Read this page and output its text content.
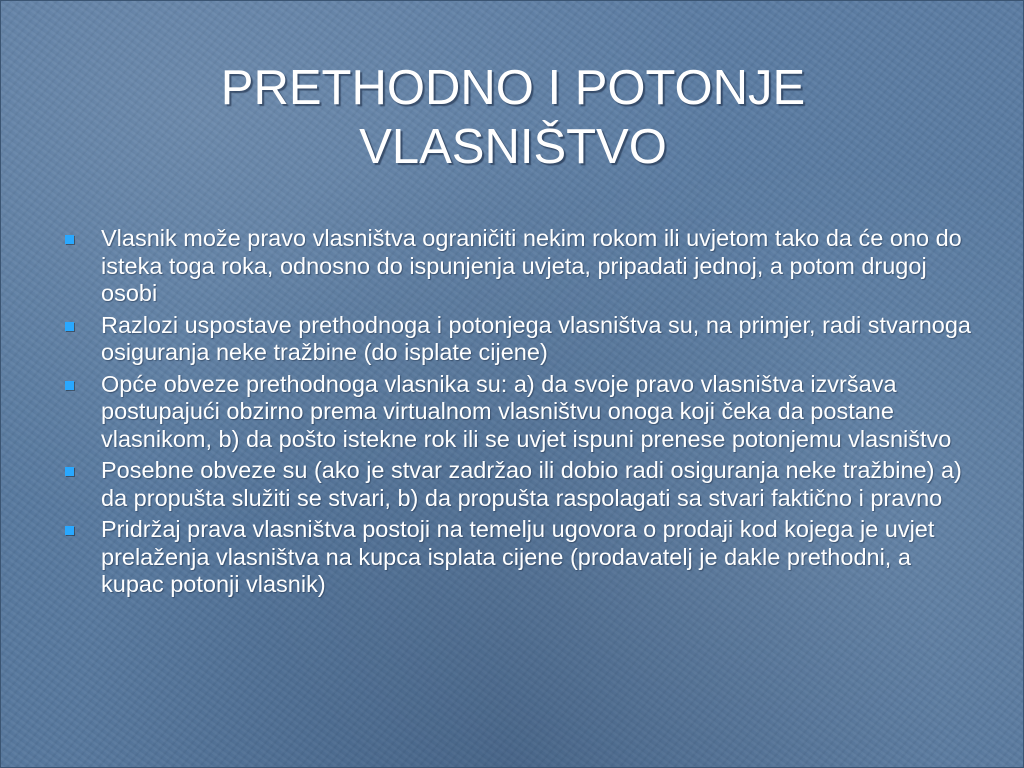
PRETHODNO I POTONJE
VLASNIŠTVO
Vlasnik može pravo vlasništva ograničiti nekim rokom ili uvjetom tako da će ono do isteka toga roka, odnosno do ispunjenja uvjeta, pripadati jednoj, a potom drugoj osobi
Razlozi uspostave prethodnoga i potonjega vlasništva su, na primjer, radi stvarnoga osiguranja neke tražbine (do isplate cijene)
Opće obveze prethodnoga vlasnika su: a) da svoje pravo vlasništva izvršava postupajući obzirno prema virtualnom vlasništvu onoga koji čeka da postane vlasnikom, b) da pošto istekne rok ili se uvjet ispuni prenese potonjemu vlasništvo
Posebne obveze su (ako je stvar zadržao ili dobio radi osiguranja neke tražbine) a) da propušta služiti se stvari, b) da propušta raspolagati sa stvari faktično i pravno
Pridržaj prava vlasništva postoji na temelju ugovora o prodaji kod kojega je uvjet prelaženja vlasništva na kupca isplata cijene (prodavatelj je dakle prethodni, a kupac potonji vlasnik)
